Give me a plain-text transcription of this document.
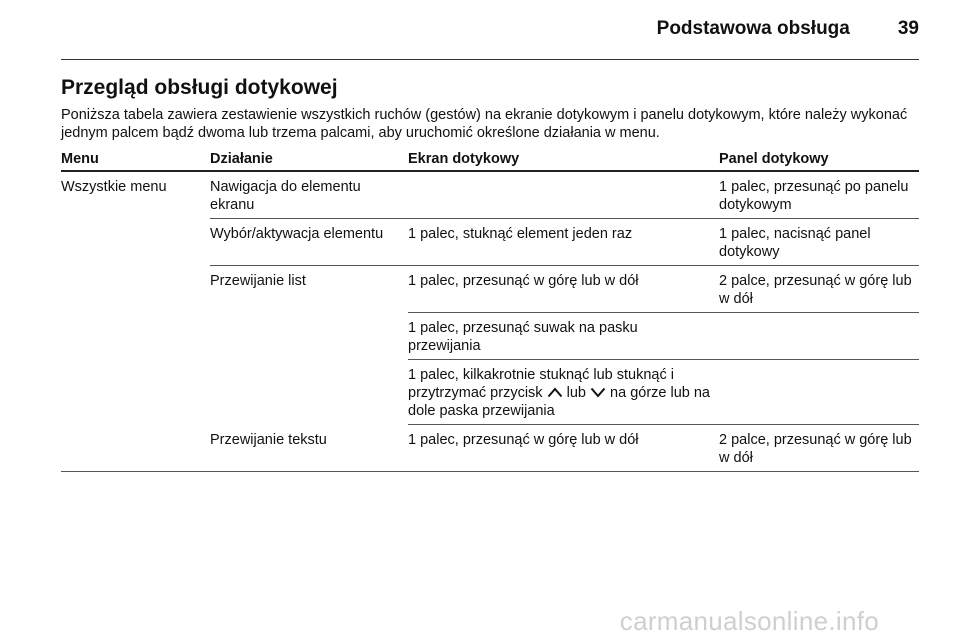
Podstawowa obsługa	39
Przegląd obsługi dotykowej

Poniższa tabela zawiera zestawienie wszystkich ruchów (gestów) na ekranie dotykowym i panelu dotykowym, które należy wykonać jednym palcem bądź dwoma lub trzema palcami, aby uruchomić określone działania w menu.

Menu	Działanie	Ekran dotykowy	Panel dotykowy
Wszystkie menu	Nawigacja do elementu ekranu		1 palec, przesunąć po panelu dotykowym
	Wybór/aktywacja elementu	1 palec, stuknąć element jeden raz	1 palec, nacisnąć panel dotykowy
	Przewijanie list	1 palec, przesunąć w górę lub w dół	2 palce, przesunąć w górę lub w dół
		1 palec, przesunąć suwak na pasku przewijania	
		1 palec, kilkakrotnie stuknąć lub stuknąć i przytrzymać przycisk lub na górze lub na dole paska przewijania	
	Przewijanie tekstu	1 palec, przesunąć w górę lub w dół	2 palce, przesunąć w górę lub w dół
carmanualsonline.info
